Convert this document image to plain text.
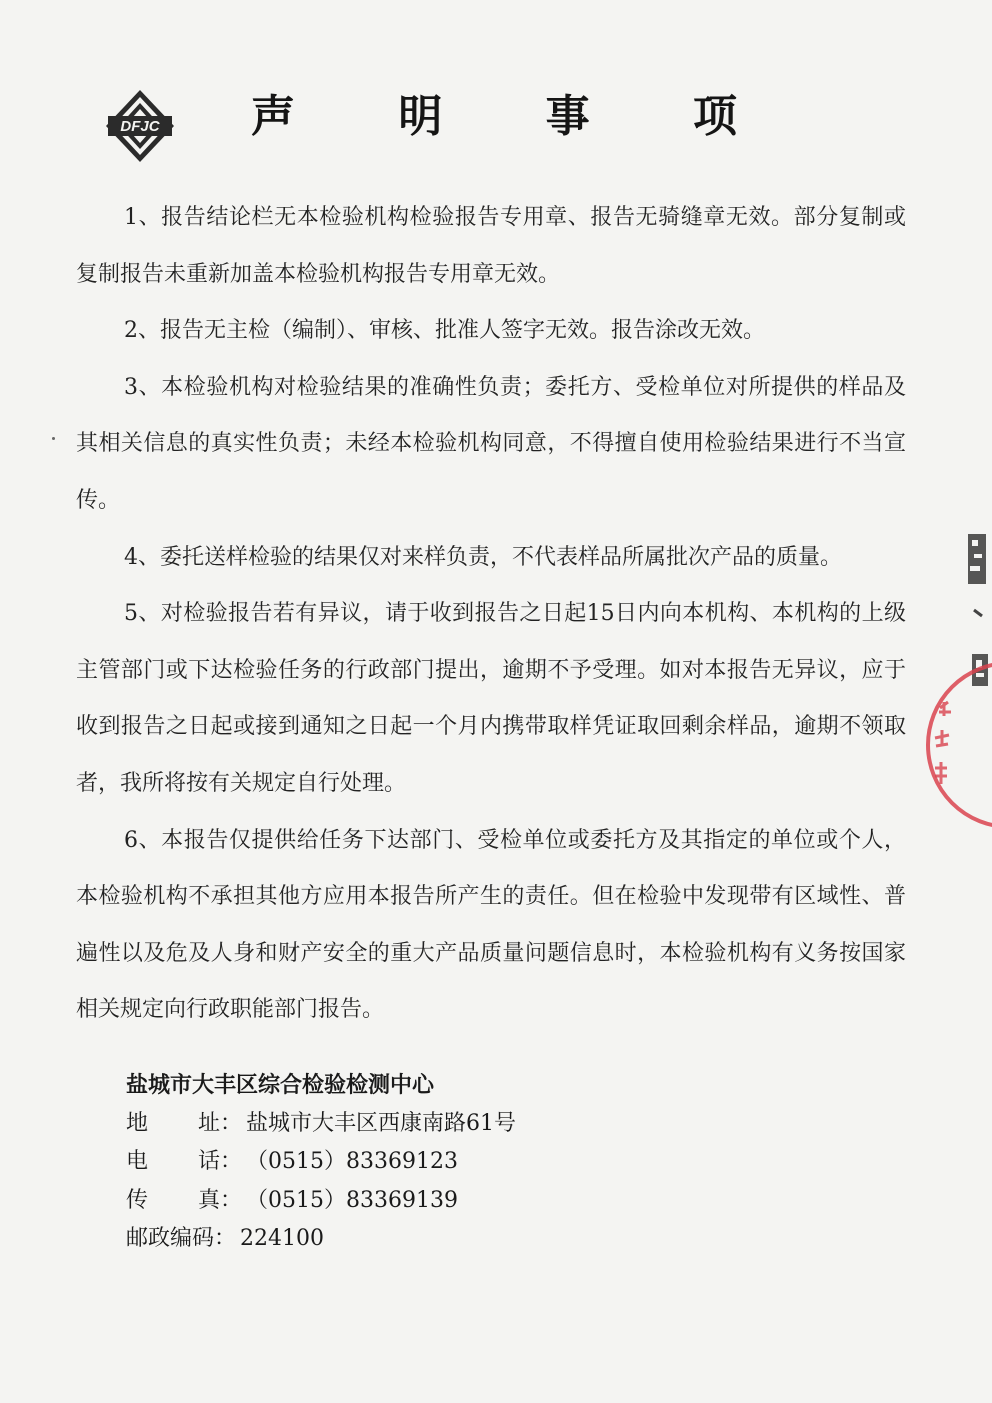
DFJC	声 明 事 项

1、报告结论栏无本检验机构检验报告专用章、报告无骑缝章无效。部分复制或复制报告未重新加盖本检验机构报告专用章无效。

2、报告无主检（编制）、审核、批准人签字无效。报告涂改无效。

3、本检验机构对检验结果的准确性负责；委托方、受检单位对所提供的样品及其相关信息的真实性负责；未经本检验机构同意，不得擅自使用检验结果进行不当宣传。

4、委托送样检验的结果仅对来样负责，不代表样品所属批次产品的质量。

5、对检验报告若有异议，请于收到报告之日起15日内向本机构、本机构的上级主管部门或下达检验任务的行政部门提出，逾期不予受理。如对本报告无异议，应于收到报告之日起或接到通知之日起一个月内携带取样凭证取回剩余样品，逾期不领取者，我所将按有关规定自行处理。

6、本报告仅提供给任务下达部门、受检单位或委托方及其指定的单位或个人，本检验机构不承担其他方应用本报告所产生的责任。但在检验中发现带有区域性、普遍性以及危及人身和财产安全的重大产品质量问题信息时，本检验机构有义务按国家相关规定向行政职能部门报告。

盐城市大丰区综合检验检测中心
地 址： 盐城市大丰区西康南路61号
电 话： （0515）83369123
传 真： （0515）83369139
邮政编码： 224100
